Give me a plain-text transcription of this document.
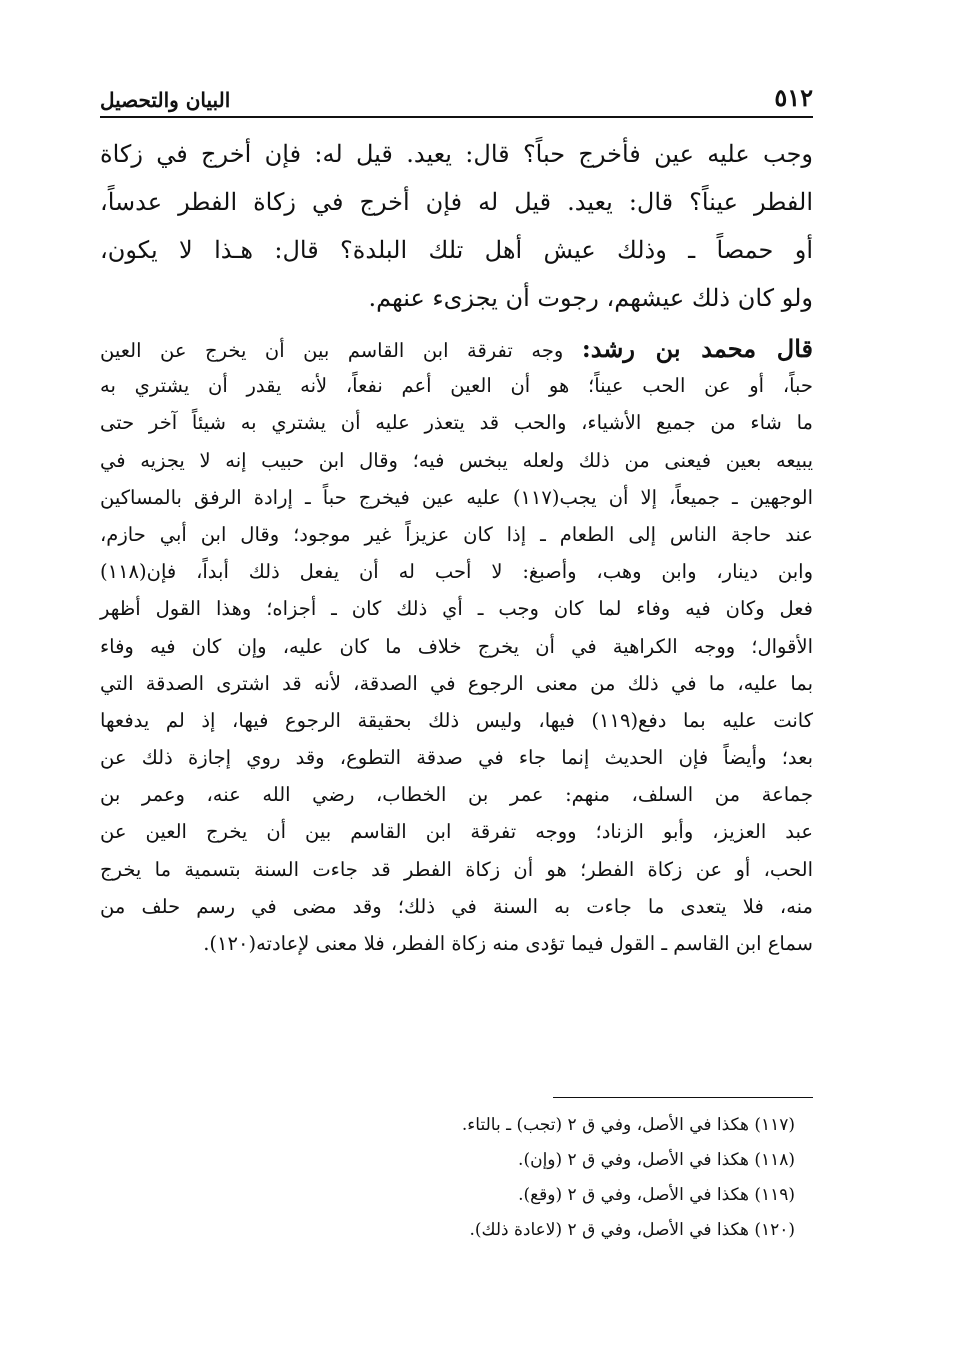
٥١٢
البيان والتحصيل
وجب عليه عين فأخرج حباً؟ قال: يعيد. قيل له: فإن أخرج في زكاة
الفطر عيناً؟ قال: يعيد. قيل له فإن أخرج في زكاة الفطر عدساً،
أو حمصاً ـ وذلك عيش أهل تلك البلدة؟ قال: هـذا لا يكون،
ولو كان ذلك عيشهم، رجوت أن يجزىء عنهم.
قال محمد بن رشد: وجه تفرقة ابن القاسم بين أن يخرج عن العين
حباً، أو عن الحب عيناً؛ هو أن العين أعم نفعاً، لأنه يقدر أن يشتري به
ما شاء من جميع الأشياء، والحب قد يتعذر عليه أن يشتري به شيئاً آخر حتى
يبيعه بعين فيعنى من ذلك ولعله يبخس فيه؛ وقال ابن حبيب إنه لا يجزيه في
الوجهين ـ جميعاً، إلا أن يجب(١١٧) عليه عين فيخرج حباً ـ إرادة الرفق بالمساكين
عند حاجة الناس إلى الطعام ـ إذا كان عزيزاً غير موجود؛ وقال ابن أبي حازم،
وابن دينار، وابن وهب، وأصبغ: لا أحب له أن يفعل ذلك أبداً، فإن(١١٨)
فعل وكان فيه وفاء لما كان وجب ـ أي ذلك كان ـ أجزاه؛ وهذا القول أظهر
الأقوال؛ ووجه الكراهية في أن يخرج خلاف ما كان عليه، وإن كان فيه وفاء
بما عليه، ما في ذلك من معنى الرجوع في الصدقة، لأنه قد اشترى الصدقة التي
كانت عليه بما دفع(١١٩) فيها، وليس ذلك بحقيقة الرجوع فيها، إذ لم يدفعها
بعد؛ وأيضاً فإن الحديث إنما جاء في صدقة التطوع، وقد روي إجازة ذلك عن
جماعة من السلف، منهم: عمر بن الخطاب، رضي الله عنه، وعمر بن
عبد العزيز، وأبو الزناد؛ ووجه تفرقة ابن القاسم بين أن يخرج العين عن
الحب، أو عن زكاة الفطر؛ هو أن زكاة الفطر قد جاءت السنة بتسمية ما يخرج
منه، فلا يتعدى ما جاءت به السنة في ذلك؛ وقد مضى في رسم حلف من
سماع ابن القاسم ـ القول فيما تؤدى منه زكاة الفطر، فلا معنى لإعادته(١٢٠).
(١١٧) هكذا في الأصل، وفي ق ٢ (تجب) ـ بالتاء.
(١١٨) هكذا في الأصل، وفي ق ٢ (وإن).
(١١٩) هكذا في الأصل، وفي ق ٢ (وقع).
(١٢٠) هكذا في الأصل، وفي ق ٢ (لاعادة ذلك).
